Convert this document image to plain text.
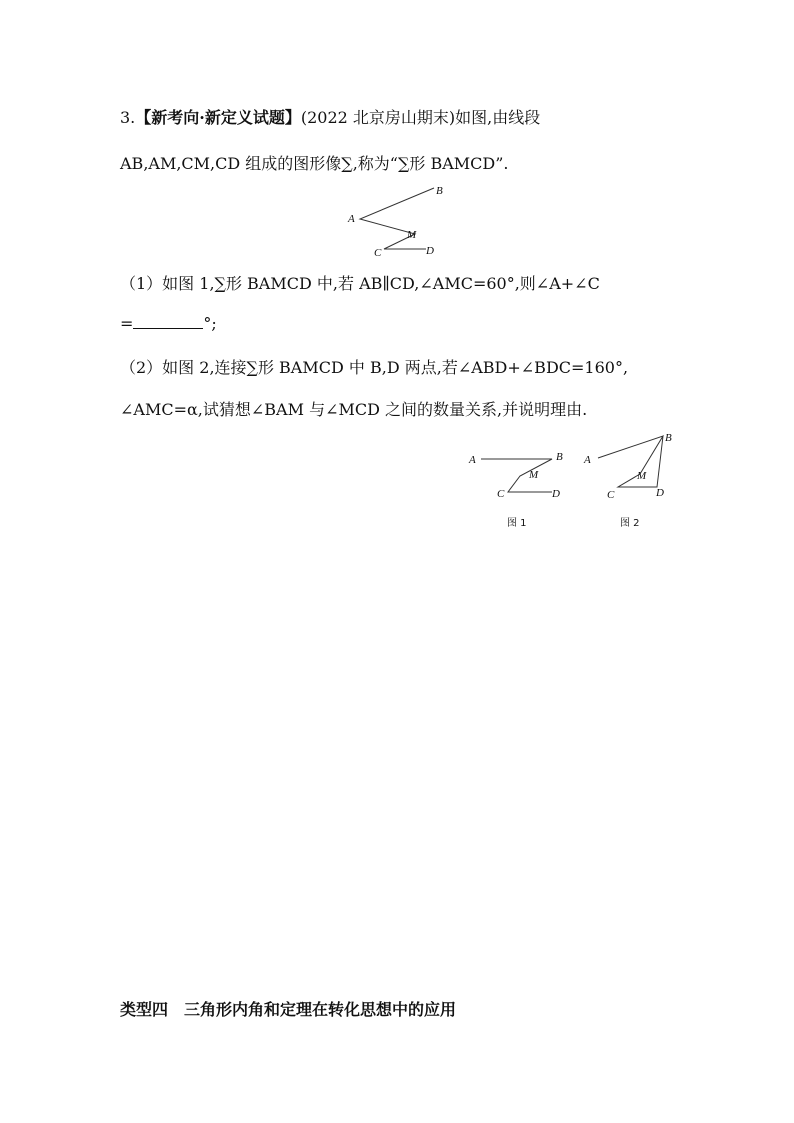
3.【新考向·新定义试题】(2022 北京房山期末)如图,由线段
AB,AM,CM,CD 组成的图形像∑,称为“∑形 BAMCD”.
B
A
M
C	D
（1）如图 1,∑形 BAMCD 中,若 AB∥CD,∠AMC=60°,则∠A+∠C
=	°;
（2）如图 2,连接∑形 BAMCD 中 B,D 两点,若∠ABD+∠BDC=160°,
∠AMC=α,试猜想∠BAM 与∠MCD 之间的数量关系,并说明理由.
A	B
M
C	D
图 1
A
B
M
C	D
图 2
类型四　三角形内角和定理在转化思想中的应用
